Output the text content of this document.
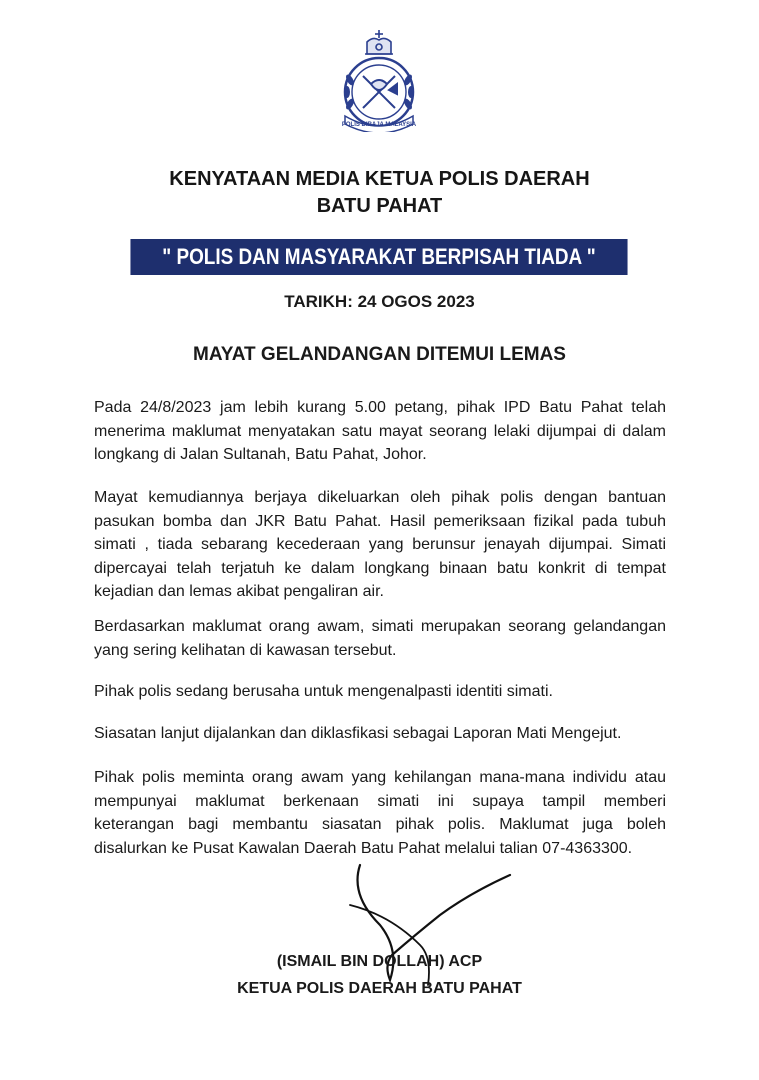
POLIS DIRAJA MALAYSIA
KENYATAAN MEDIA KETUA POLIS DAERAH
BATU PAHAT
" POLIS DAN MASYARAKAT BERPISAH TIADA "
TARIKH: 24 OGOS 2023
MAYAT GELANDANGAN DITEMUI LEMAS
Pada 24/8/2023 jam lebih kurang 5.00 petang, pihak IPD Batu Pahat telah
menerima maklumat menyatakan satu mayat seorang lelaki dijumpai di dalam
longkang di Jalan Sultanah, Batu Pahat, Johor.
Mayat kemudiannya berjaya dikeluarkan oleh pihak polis dengan bantuan
pasukan bomba dan JKR Batu Pahat. Hasil pemeriksaan fizikal pada tubuh
simati , tiada sebarang kecederaan yang berunsur jenayah dijumpai. Simati
dipercayai telah terjatuh ke dalam longkang binaan batu konkrit di tempat
kejadian dan lemas akibat pengaliran air.
Berdasarkan maklumat orang awam, simati merupakan seorang gelandangan
yang sering kelihatan di kawasan tersebut.
Pihak polis sedang berusaha untuk mengenalpasti identiti simati.
Siasatan lanjut dijalankan dan diklasfikasi sebagai Laporan Mati Mengejut.
Pihak polis meminta orang awam yang kehilangan mana-mana individu atau
mempunyai maklumat berkenaan simati ini supaya tampil memberi
keterangan bagi membantu siasatan pihak polis. Maklumat juga boleh
disalurkan ke Pusat Kawalan Daerah Batu Pahat melalui talian 07-4363300.
(ISMAIL BIN DOLLAH) ACP
KETUA POLIS DAERAH BATU PAHAT
